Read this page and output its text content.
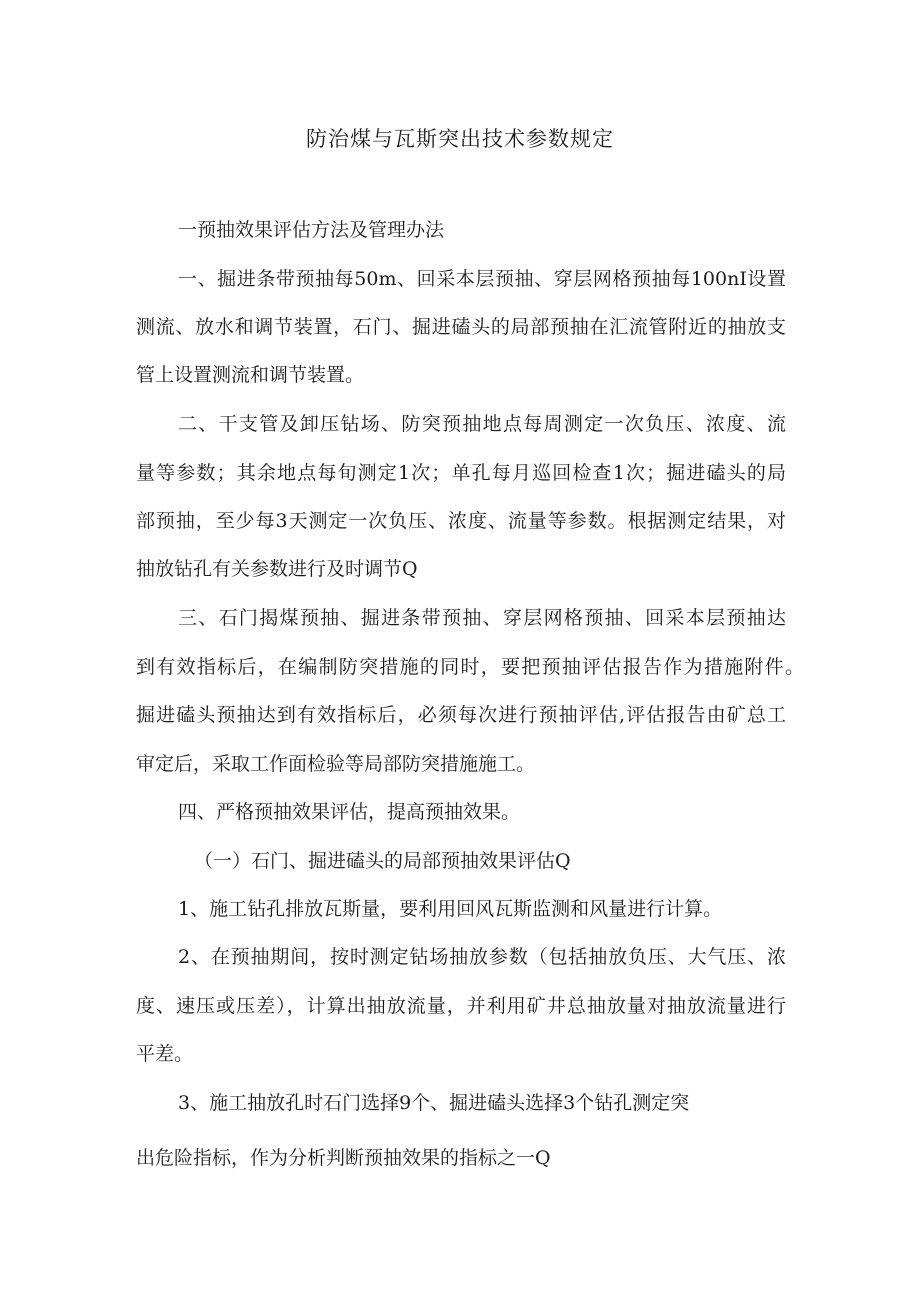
防治煤与瓦斯突出技术参数规定
一预抽效果评估方法及管理办法
一、掘进条带预抽每50m、回采本层预抽、穿层网格预抽每100nI设置
测流、放水和调节装置，石门、掘进磕头的局部预抽在汇流管附近的抽放支
管上设置测流和调节装置。
二、干支管及卸压钻场、防突预抽地点每周测定一次负压、浓度、流
量等参数；其余地点每旬测定1次；单孔每月巡回检查1次；掘进磕头的局
部预抽，至少每3天测定一次负压、浓度、流量等参数。根据测定结果，对
抽放钻孔有关参数进行及时调节Q
三、石门揭煤预抽、掘进条带预抽、穿层网格预抽、回采本层预抽达
到有效指标后，在编制防突措施的同时，要把预抽评估报告作为措施附件。
掘进磕头预抽达到有效指标后，必须每次进行预抽评估,评估报告由矿总工
审定后，采取工作面检验等局部防突措施施工。
四、严格预抽效果评估，提高预抽效果。
（一）石门、掘进磕头的局部预抽效果评估Q
1、施工钻孔排放瓦斯量，要利用回风瓦斯监测和风量进行计算。
2、在预抽期间，按时测定钻场抽放参数（包括抽放负压、大气压、浓
度、速压或压差），计算出抽放流量，并利用矿井总抽放量对抽放流量进行
平差。
3、施工抽放孔时石门选择9个、掘进磕头选择3个钻孔测定突
出危险指标，作为分析判断预抽效果的指标之一Q
